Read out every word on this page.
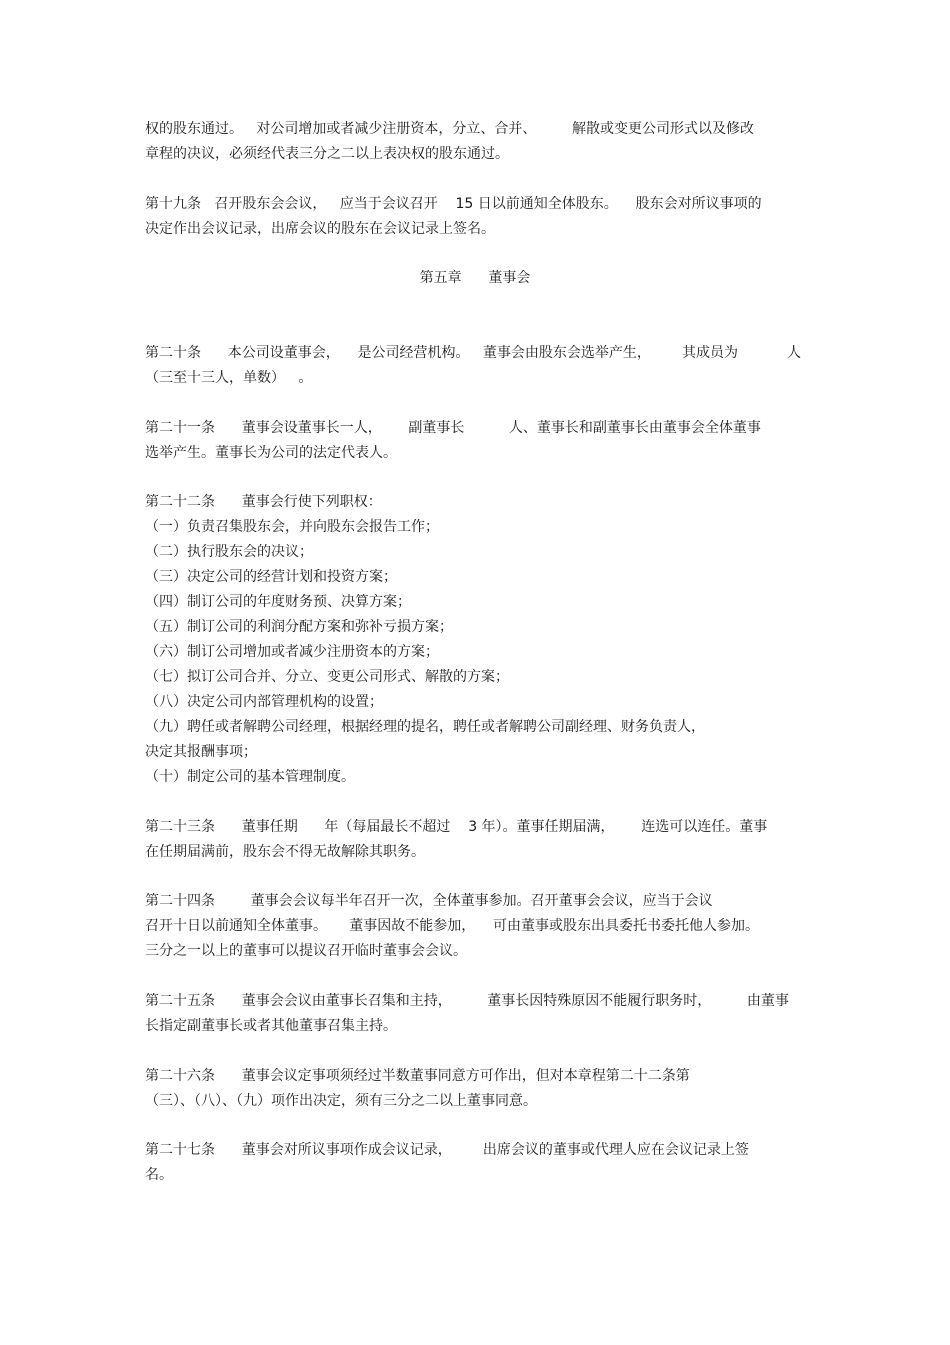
权的股东通过。   对公司增加或者减少注册资本，分立、合并、        解散或变更公司形式以及修改
章程的决议，必须经代表三分之二以上表决权的股东通过。
第十九条   召开股东会会议，   应当于会议召开    15 日以前通知全体股东。    股东会对所议事项的
决定作出会议记录，出席会议的股东在会议记录上签名。
第五章      董事会
第二十条      本公司设董事会，    是公司经营机构。   董事会由股东会选举产生，       其成员为           人
（三至十三人，单数）   。
第二十一条      董事会设董事长一人，      副董事长          人、董事长和副董事长由董事会全体董事
选举产生。董事长为公司的法定代表人。
第二十二条      董事会行使下列职权：
（一）负责召集股东会，并向股东会报告工作；
（二）执行股东会的决议；
（三）决定公司的经营计划和投资方案；
（四）制订公司的年度财务预、决算方案；
（五）制订公司的利润分配方案和弥补亏损方案；
（六）制订公司增加或者减少注册资本的方案；
（七）拟订公司合并、分立、变更公司形式、解散的方案；
（八）决定公司内部管理机构的设置；
（九）聘任或者解聘公司经理，根据经理的提名，聘任或者解聘公司副经理、财务负责人，
决定其报酬事项；
（十）制定公司的基本管理制度。
第二十三条      董事任期      年（每届最长不超过    3 年）。董事任期届满，      连选可以连任。董事
在任期届满前，股东会不得无故解除其职务。
第二十四条        董事会会议每半年召开一次，全体董事参加。召开董事会会议，应当于会议
召开十日以前通知全体董事。     董事因故不能参加，    可由董事或股东出具委托书委托他人参加。
三分之一以上的董事可以提议召开临时董事会会议。
第二十五条      董事会会议由董事长召集和主持，        董事长因特殊原因不能履行职务时，        由董事
长指定副董事长或者其他董事召集主持。
第二十六条      董事会议定事项须经过半数董事同意方可作出，但对本章程第二十二条第
（三）、（八）、（九）项作出决定，须有三分之二以上董事同意。
第二十七条      董事会对所议事项作成会议记录，       出席会议的董事或代理人应在会议记录上签
名。
